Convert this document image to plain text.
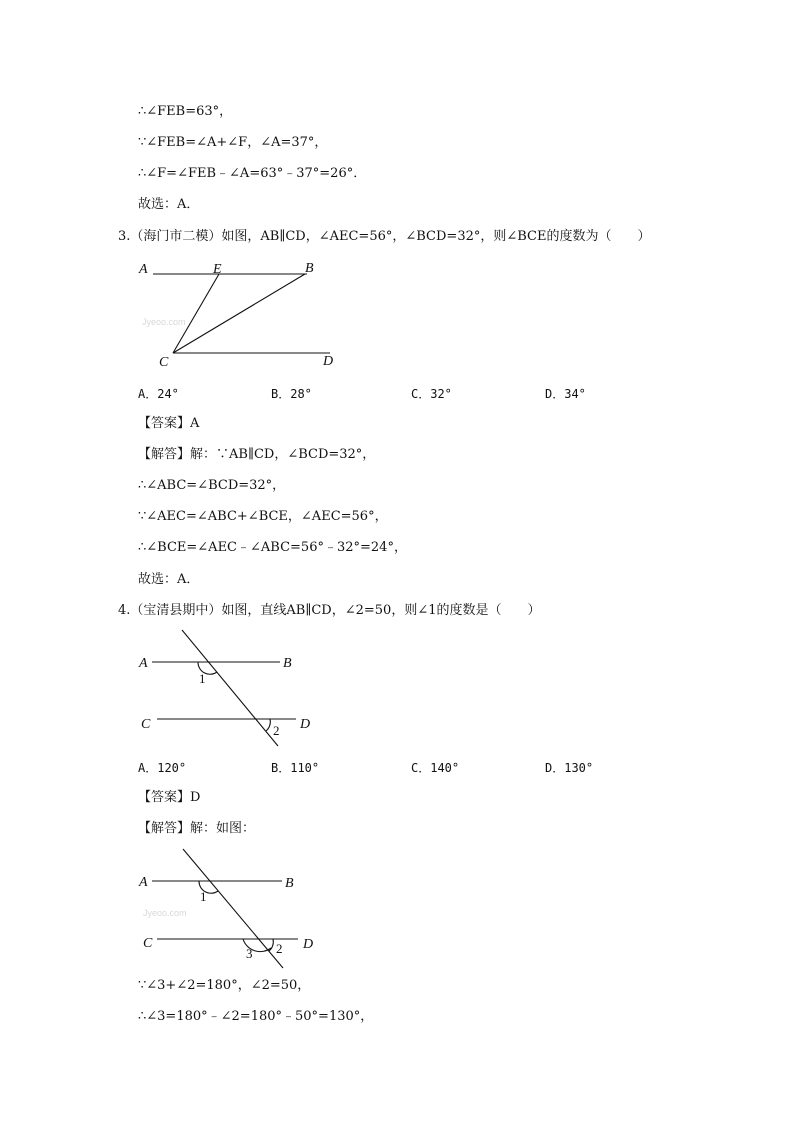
∴∠FEB=63°，
∵∠FEB=∠A+∠F，∠A=37°，
∴∠F=∠FEB﹣∠A=63°﹣37°=26°．
故选：A．
3.（海门市二模）如图，AB∥CD，∠AEC=56°，∠BCD=32°，则∠BCE的度数为（　　）
Jyeoo.com
A	E	B
C	D
A．24°	B．28°	C．32°	D．34°
【答案】A
【解答】解：∵AB∥CD，∠BCD=32°，
∴∠ABC=∠BCD=32°，
∵∠AEC=∠ABC+∠BCE，∠AEC=56°，
∴∠BCE=∠AEC﹣∠ABC=56°﹣32°=24°，
故选：A．
4.（宝清县期中）如图，直线AB∥CD，∠2=50，则∠1的度数是（　　）
A	B
C	D
1
2
A．120°	B．110°	C．140°	D．130°
【答案】D
【解答】解：如图：
Jyeoo.com
A	B
C	D
1
2
3
∵∠3+∠2=180°，∠2=50，
∴∠3=180°﹣∠2=180°﹣50°=130°，
